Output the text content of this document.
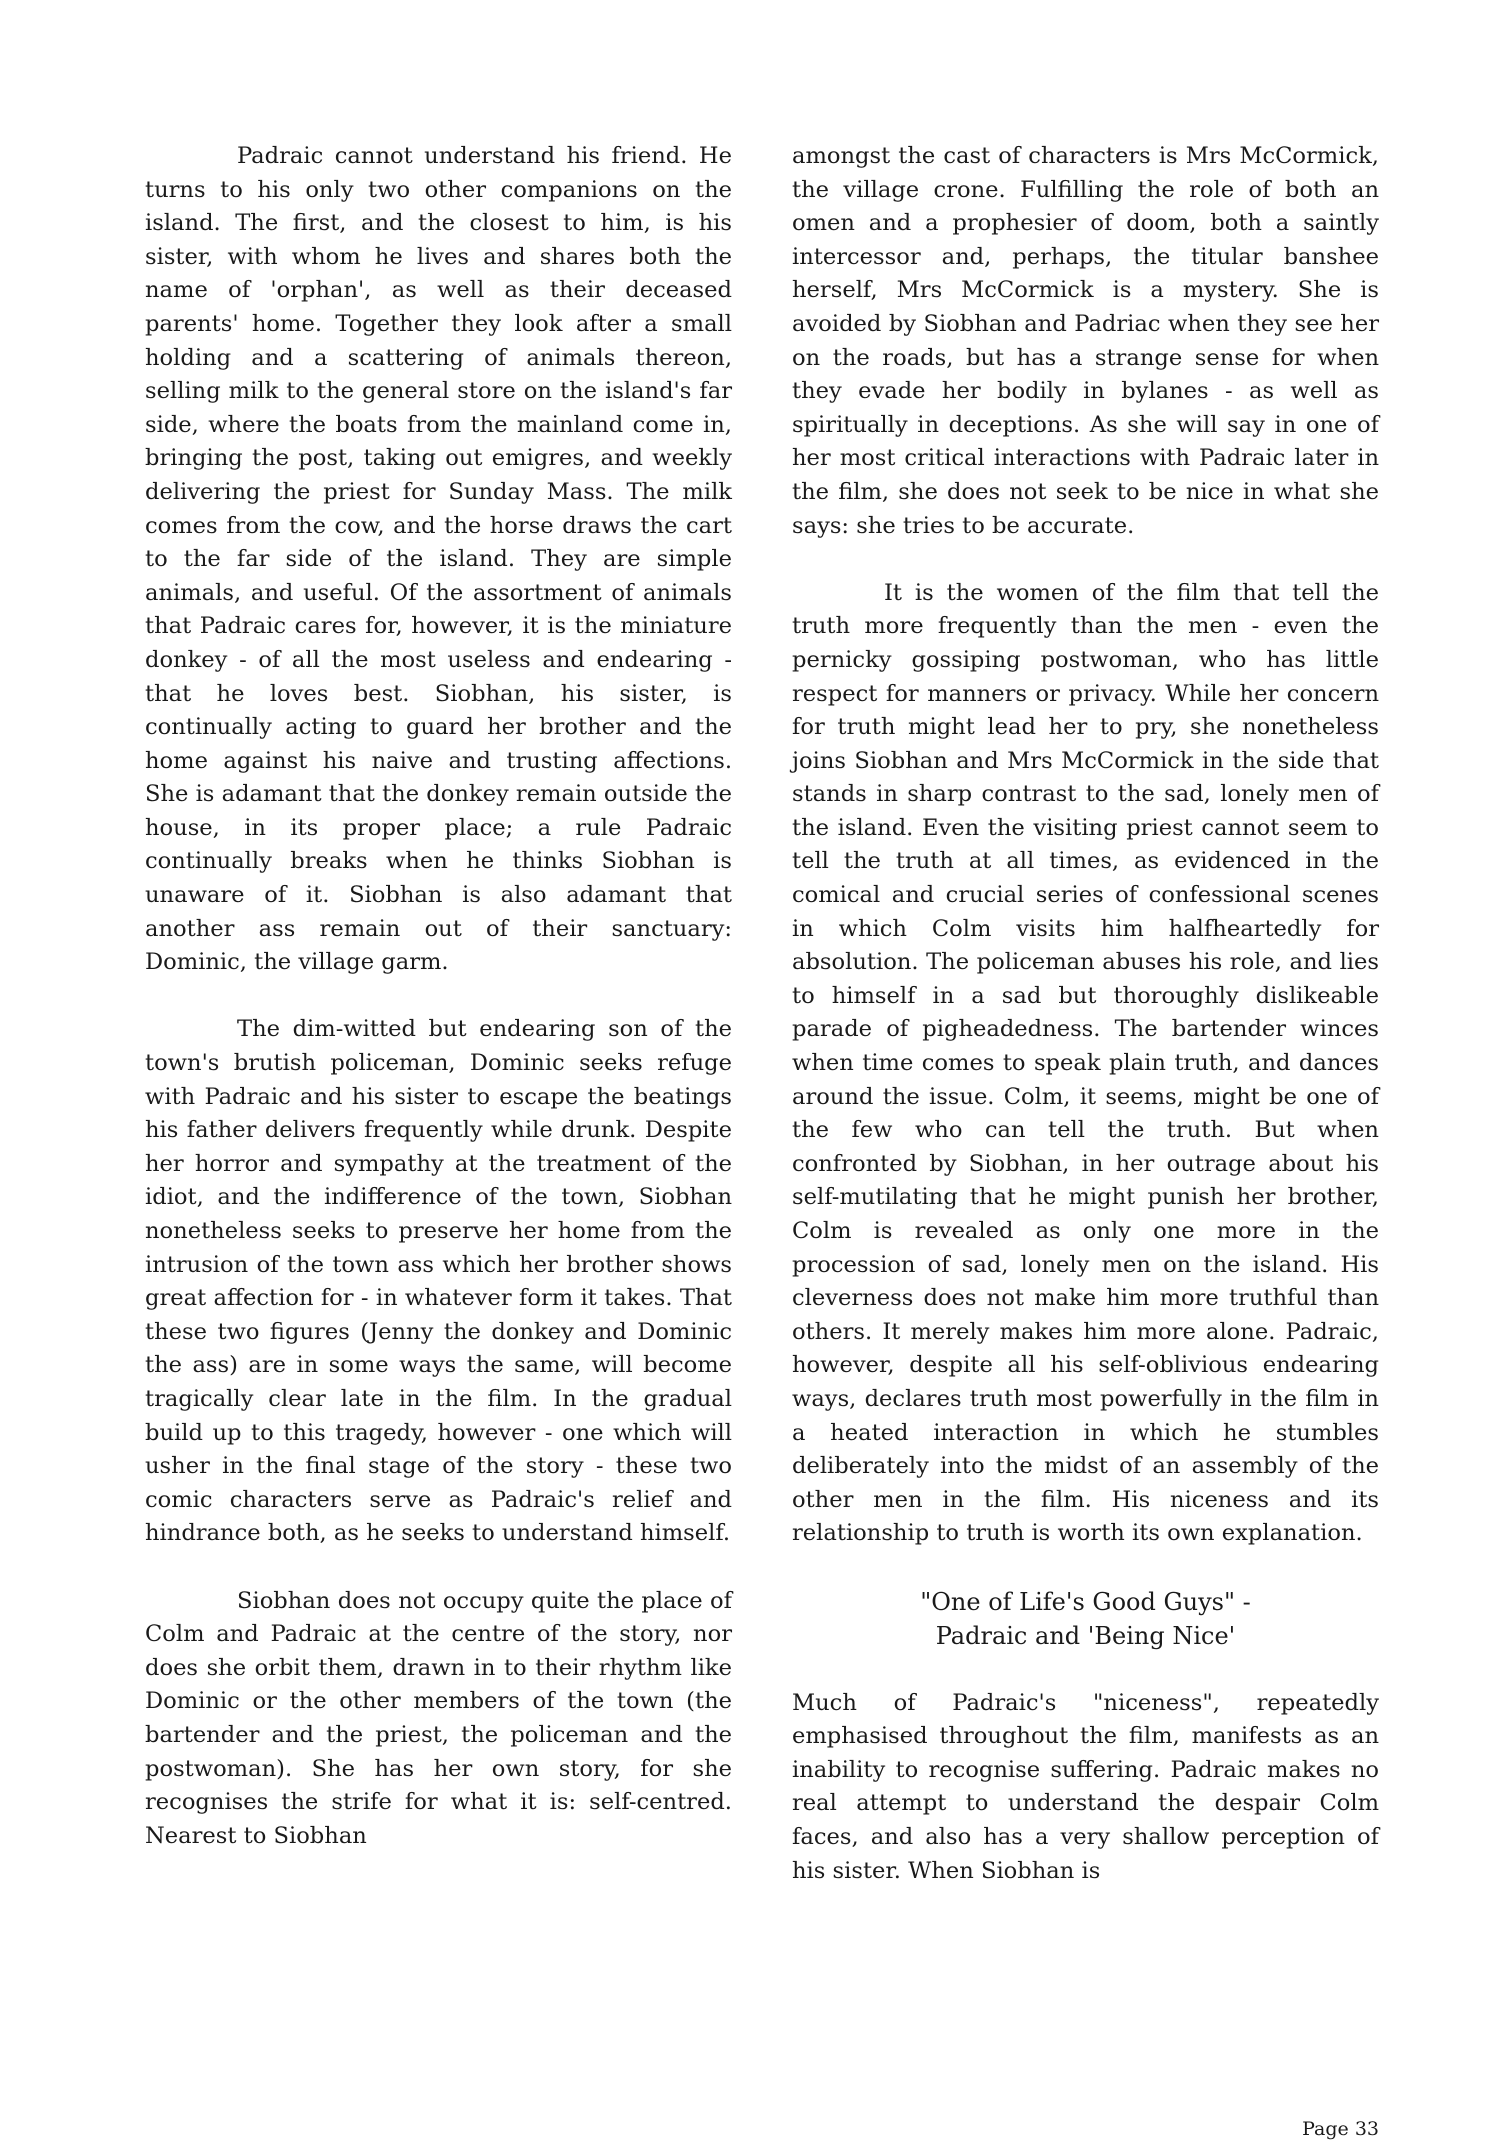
Padraic cannot understand his friend. He turns to his only two other companions on the island. The first, and the closest to him, is his sister, with whom he lives and shares both the name of 'orphan', as well as their deceased parents' home. Together they look after a small holding and a scattering of animals thereon, selling milk to the general store on the island's far side, where the boats from the mainland come in, bringing the post, taking out emigres, and weekly delivering the priest for Sunday Mass. The milk comes from the cow, and the horse draws the cart to the far side of the island. They are simple animals, and useful. Of the assortment of animals that Padraic cares for, however, it is the miniature donkey - of all the most useless and endearing - that he loves best. Siobhan, his sister, is continually acting to guard her brother and the home against his naive and trusting affections. She is adamant that the donkey remain outside the house, in its proper place; a rule Padraic continually breaks when he thinks Siobhan is unaware of it. Siobhan is also adamant that another ass remain out of their sanctuary: Dominic, the village garm.

The dim-witted but endearing son of the town's brutish policeman, Dominic seeks refuge with Padraic and his sister to escape the beatings his father delivers frequently while drunk. Despite her horror and sympathy at the treatment of the idiot, and the indifference of the town, Siobhan nonetheless seeks to preserve her home from the intrusion of the town ass which her brother shows great affection for - in whatever form it takes. That these two figures (Jenny the donkey and Dominic the ass) are in some ways the same, will become tragically clear late in the film. In the gradual build up to this tragedy, however - one which will usher in the final stage of the story - these two comic characters serve as Padraic's relief and hindrance both, as he seeks to understand himself.

Siobhan does not occupy quite the place of Colm and Padraic at the centre of the story, nor does she orbit them, drawn in to their rhythm like Dominic or the other members of the town (the bartender and the priest, the policeman and the postwoman). She has her own story, for she recognises the strife for what it is: self-centred. Nearest to Siobhan

amongst the cast of characters is Mrs McCormick, the village crone. Fulfilling the role of both an omen and a prophesier of doom, both a saintly intercessor and, perhaps, the titular banshee herself, Mrs McCormick is a mystery. She is avoided by Siobhan and Padriac when they see her on the roads, but has a strange sense for when they evade her bodily in bylanes - as well as spiritually in deceptions. As she will say in one of her most critical interactions with Padraic later in the film, she does not seek to be nice in what she says: she tries to be accurate.

It is the women of the film that tell the truth more frequently than the men - even the pernicky gossiping postwoman, who has little respect for manners or privacy. While her concern for truth might lead her to pry, she nonetheless joins Siobhan and Mrs McCormick in the side that stands in sharp contrast to the sad, lonely men of the island. Even the visiting priest cannot seem to tell the truth at all times, as evidenced in the comical and crucial series of confessional scenes in which Colm visits him halfheartedly for absolution. The policeman abuses his role, and lies to himself in a sad but thoroughly dislikeable parade of pigheadedness. The bartender winces when time comes to speak plain truth, and dances around the issue. Colm, it seems, might be one of the few who can tell the truth. But when confronted by Siobhan, in her outrage about his self-mutilating that he might punish her brother, Colm is revealed as only one more in the procession of sad, lonely men on the island. His cleverness does not make him more truthful than others. It merely makes him more alone. Padraic, however, despite all his self-oblivious endearing ways, declares truth most powerfully in the film in a heated interaction in which he stumbles deliberately into the midst of an assembly of the other men in the film. His niceness and its relationship to truth is worth its own explanation.

"One of Life's Good Guys" -
Padraic and 'Being Nice'

Much of Padraic's "niceness", repeatedly emphasised throughout the film, manifests as an inability to recognise suffering. Padraic makes no real attempt to understand the despair Colm faces, and also has a very shallow perception of his sister. When Siobhan is

Page 33
